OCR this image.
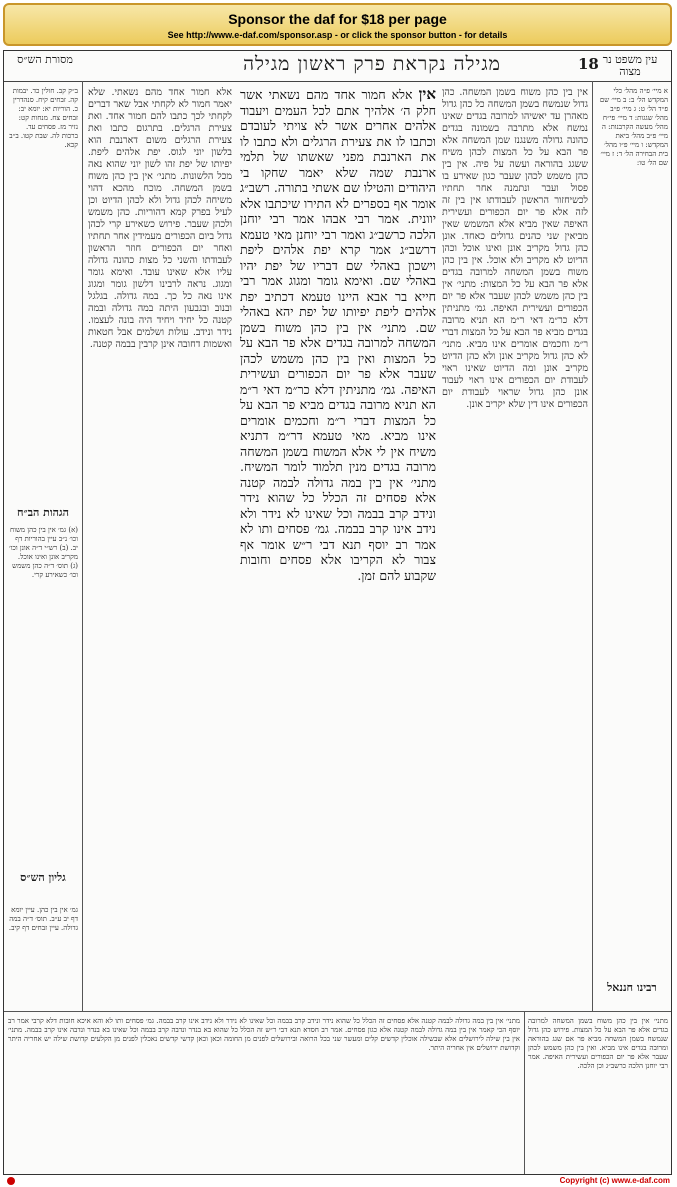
Sponsor the daf for $18 per page
See http://www.e-daf.com/sponsor.asp - or click the sponsor button - for details
מסורת הש״ס	מגילה נקראת פרק ראשון מגילה	18 עין משפט נר מצוה
ב״ק קב. חולין כד. יבמות קה. זבחים קיח. סנהדרין כ. הוריות יא: יומא יב: זבחים צח. מנחות קט: נזיר מז. פסחים עד. ברכות לה. שבת קטו. ב״ב קכא.
הגהות הב״ח
(א) גמ׳ אין בין כהן משוח וכו׳ נ״ב עיין בהוריות דף יב. (ב) רש״י ד״ה אונן וכו׳ מקריב אונן ואינו אוכל. (ג) תוס׳ ד״ה כהן משמש וכו׳ כשאירע קרי.
גליון הש״ס
גמ׳ אין בין כהן. עיין יומא דף יב ע״ב. תוס׳ ד״ה במה גדולה. עיין זבחים דף קיב.
אלא חמור אחד מהם נשאתי. שלא יאמר חמור לא לקחתי אבל שאר דברים לקחתי לכך כתבו להם חמור אחד. ואת צעירת הרגלים. בתרגום כתבו ואת צעירת הרגלים משום דארנבת הוא בלשון יוני לגוס. יפת אלהים ליפת. יפיותו של יפת זהו לשון יוני שהוא נאה מכל הלשונות. מתני׳ אין בין כהן משוח בשמן המשחה. מוכח מהכא דהוי משיחה לכהן גדול ולא לכהן הדיוט וכן לעיל בפרק קמא דהוריות. כהן משמש ולכהן שעבר. פירוש כשאירע קרי לכהן גדול ביום הכפורים מעמידין אחר תחתיו ואחר יום הכפורים חוזר הראשון לעבודתו והשני כל מצות כהונה גדולה עליו אלא שאינו עובד. ואימא גומר ומגוג. נראה לרבינו דלשון גומר ומגוג אינו נאה כל כך. במה גדולה. בגלגל ובנוב ובגבעון היתה במה גדולה ובמה קטנה כל יחיד ויחיד היה בונה לעצמו. נידר ונידב. עולות ושלמים אבל חטאות ואשמות דחובה אינן קרבין בבמה קטנה.
אין אלא חמור אחד מהם נשאתי אשר חלק ה׳ אלהיך אתם לכל העמים ויעבוד אלהים אחרים אשר לא צויתי לעובדם וכתבו לו את צעירת הרגלים ולא כתבו לו את הארנבת מפני שאשתו של תלמי ארנבת שמה שלא יאמר שחקו בי היהודים והטילו שם אשתי בתורה. רשב״ג אומר אף בספרים לא התירו שיכתבו אלא יוונית. אמר רבי אבהו אמר רבי יוחנן הלכה כרשב״ג ואמר רבי יוחנן מאי טעמא דרשב״ג אמר קרא יפת אלהים ליפת וישכון באהלי שם דבריו של יפת יהיו באהלי שם. ואימא גומר ומגוג אמר רבי חייא בר אבא היינו טעמא דכתיב יפת אלהים ליפת יפיותו של יפת יהא באהלי שם. מתני׳ אין בין כהן משוח בשמן המשחה למרובה בגדים אלא פר הבא על כל המצות ואין בין כהן משמש לכהן שעבר אלא פר יום הכפורים ועשירית האיפה. גמ׳ מתניתין דלא כר״מ דאי ר״מ הא תניא מרובה בגדים מביא פר הבא על כל המצות דברי ר״מ וחכמים אומרים אינו מביא. מאי טעמא דר״מ דתניא משיח אין לי אלא המשוח בשמן המשחה מרובה בגדים מנין תלמוד לומר המשיח. מתני׳ אין בין במה גדולה לבמה קטנה אלא פסחים זה הכלל כל שהוא נידר ונידב קרב בבמה וכל שאינו לא נידר ולא נידב אינו קרב בבמה. גמ׳ פסחים ותו לא אמר רב יוסף תנא דבי ר״ש אומר אף צבור לא הקריבו אלא פסחים וחובות שקבוע להם זמן.
אין בין כהן משוח בשמן המשחה. כהן גדול שנמשח בשמן המשחה כל כהן גדול מאהרן עד יאשיהו למרובה בגדים שאינו נמשח אלא מתרבה בשמונה בגדים כהונה גדולה משנגנז שמן המשחה אלא פר הבא על כל המצות לכהן משיח ששגג בהוראה ועשה על פיה. אין בין כהן משמש לכהן שעבר כגון שאירע בו פסול ועבר ונתמנה אחר תחתיו לכשיחזור הראשון לעבודתו אין בין זה לזה אלא פר יום הכפורים ועשירית האיפה שאין מביא אלא המשמש שאין מביאין שני כהנים גדולים כאחד. אונן כהן גדול מקריב אונן ואינו אוכל וכהן הדיוט לא מקריב ולא אוכל. אין בין כהן משוח בשמן המשחה למרובה בגדים אלא פר הבא על כל המצות: מתני׳ אין בין כהן משמש לכהן שעבר אלא פר יום הכפורים ועשירית האיפה. גמ׳ מתניתין דלא כר״מ דאי ר״מ הא תניא מרובה בגדים מביא פר הבא על כל המצות דברי ר״מ וחכמים אומרים אינו מביא. מתני׳ לא כהן גדול מקריב אונן ולא כהן הדיוט מקריב אונן ומה הדיוט שאינו ראוי לעבודת יום הכפורים אינו ראוי לעבוד אונן כהן גדול שראוי לעבודת יום הכפורים אינו דין שלא יקריב אונן.
א מיי׳ פ״ה מהל׳ כלי המקדש הל׳ ב: ב מיי׳ שם פ״ד הל׳ ט: ג מיי׳ פ״ב מהל׳ שגגות: ד מיי׳ פי״ח מהל׳ מעשה הקרבנות: ה מיי׳ פ״ב מהל׳ ביאת המקדש: ו מיי׳ פ״ו מהל׳ בית הבחירה הל׳ ד: ז מיי׳ שם הל׳ טו:
רבינו חננאל
מתני׳ אין בין במה גדולה לבמה קטנה אלא פסחים זה הכלל כל שהוא נידר ונידב קרב בבמה וכל שאינו לא נידר ולא נידב אינו קרב בבמה. גמ׳ פסחים ותו לא והא איכא חובות דלא קרבי אמר רב יוסף הכי קאמר אין בין במה גדולה לבמה קטנה אלא כגון פסחים. אמר רב חסדא תנא דבי ר״ש זה הכלל כל שהוא בא בנדר ונדבה קרב בבמה וכל שאינו בא בנדר ונדבה אינו קרב בבמה. מתני׳ אין בין שילה לירושלים אלא שבשילה אוכלין קדשים קלים ומעשר שני בכל הרואה ובירושלים לפנים מן החומה וכאן וכאן קדשי קדשים נאכלין לפנים מן הקלעים קדושת שילה יש אחריה היתר וקדושת ירושלים אין אחריה היתר.
מתני׳ אין בין כהן משוח בשמן המשחה למרובה בגדים אלא פר הבא על כל המצות. פירוש כהן גדול שנמשח בשמן המשחה מביא פר אם שגג בהוראה ומרובה בגדים אינו מביא. ואין בין כהן משמש לכהן שעבר אלא פר יום הכפורים ועשירית האיפה. אמר רבי יוחנן הלכה כרשב״ג וכן הלכה.
Copyright (c) www.e-daf.com
